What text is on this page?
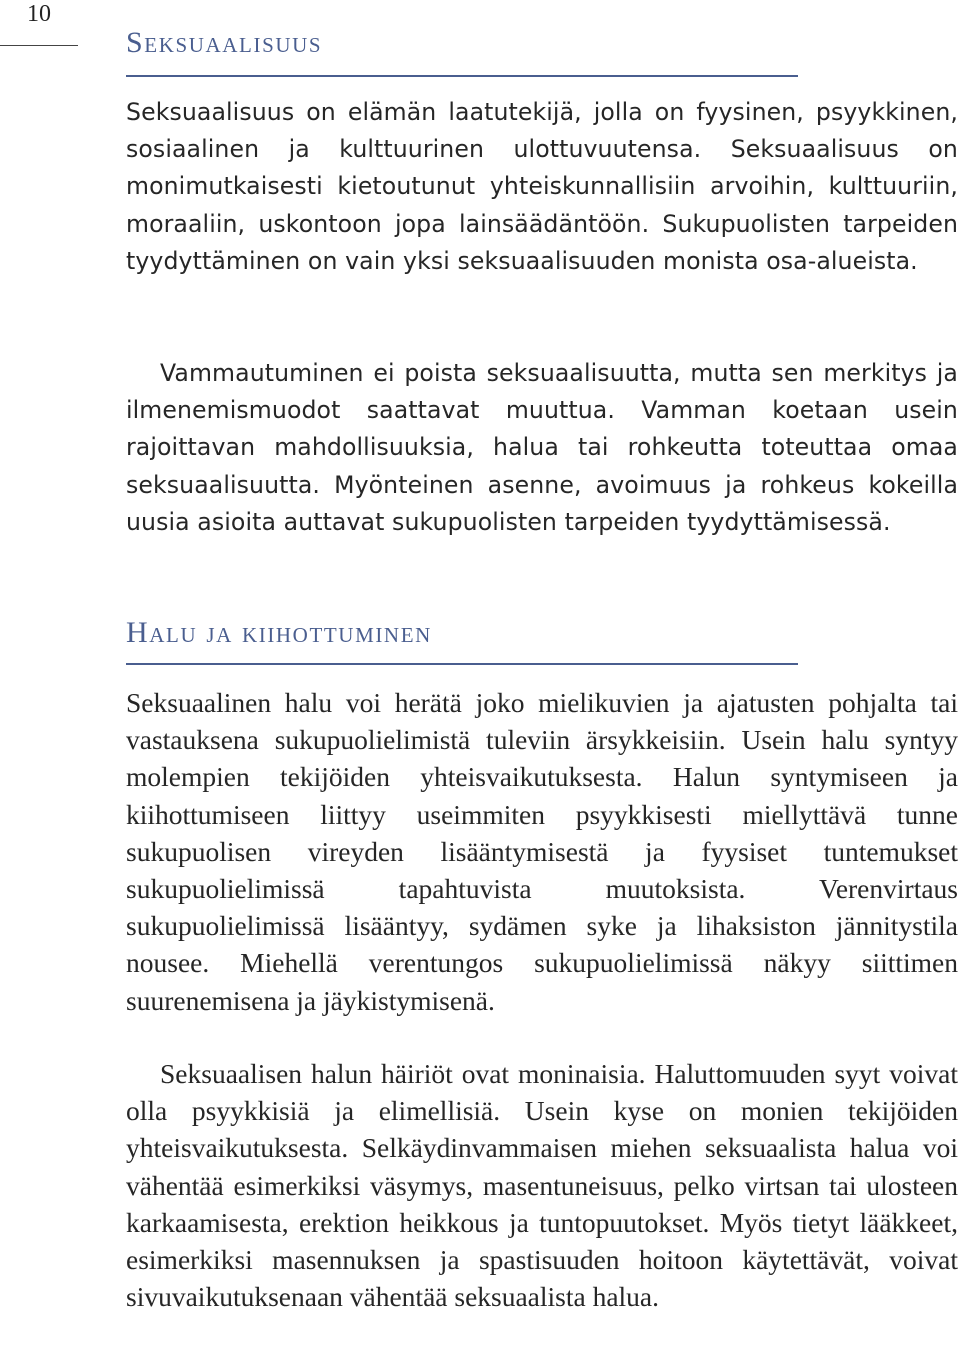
10
Seksuaalisuus

Seksuaalisuus on elämän laatutekijä, jolla on fyysinen, psyykkinen, sosiaalinen ja kulttuurinen ulottuvuutensa. Seksuaalisuus on monimutkaisesti kietoutunut yhteiskunnallisiin arvoihin, kulttuuriin, moraaliin, uskontoon jopa lainsäädäntöön. Sukupuolisten tarpeiden tyydyttäminen on vain yksi seksuaalisuuden monista osa-alueista.

Vammautuminen ei poista seksuaalisuutta, mutta sen merkitys ja ilmenemismuodot saattavat muuttua. Vamman koetaan usein rajoittavan mahdollisuuksia, halua tai rohkeutta toteuttaa omaa seksuaalisuutta. Myönteinen asenne, avoimuus ja rohkeus kokeilla uusia asioita auttavat sukupuolisten tarpeiden tyydyttämisessä.

Halu ja kiihottuminen

Seksuaalinen halu voi herätä joko mielikuvien ja ajatusten pohjalta tai vastauksena sukupuolielimistä tuleviin ärsykkeisiin. Usein halu syntyy molempien tekijöiden yhteisvaikutuksesta. Halun syntymiseen ja kiihottumiseen liittyy useimmiten psyykkisesti miellyttävä tunne sukupuolisen vireyden lisääntymisestä ja fyysiset tuntemukset sukupuolielimissä tapahtuvista muutoksista. Verenvirtaus sukupuolielimissä lisääntyy, sydämen syke ja lihaksiston jännitystila nousee. Miehellä verentungos sukupuolielimissä näkyy siittimen suurenemisena ja jäykistymisenä.

Seksuaalisen halun häiriöt ovat moninaisia. Haluttomuuden syyt voivat olla psyykkisiä ja elimellisiä. Usein kyse on monien tekijöiden yhteisvaikutuksesta. Selkäydinvammaisen miehen seksuaalista halua voi vähentää esimerkiksi väsymys, masentuneisuus, pelko virtsan tai ulosteen karkaamisesta, erektion heikkous ja tuntopuutokset. Myös tietyt lääkkeet, esimerkiksi masennuksen ja spastisuuden hoitoon käytettävät, voivat sivuvaikutuksenaan vähentää seksuaalista halua.
